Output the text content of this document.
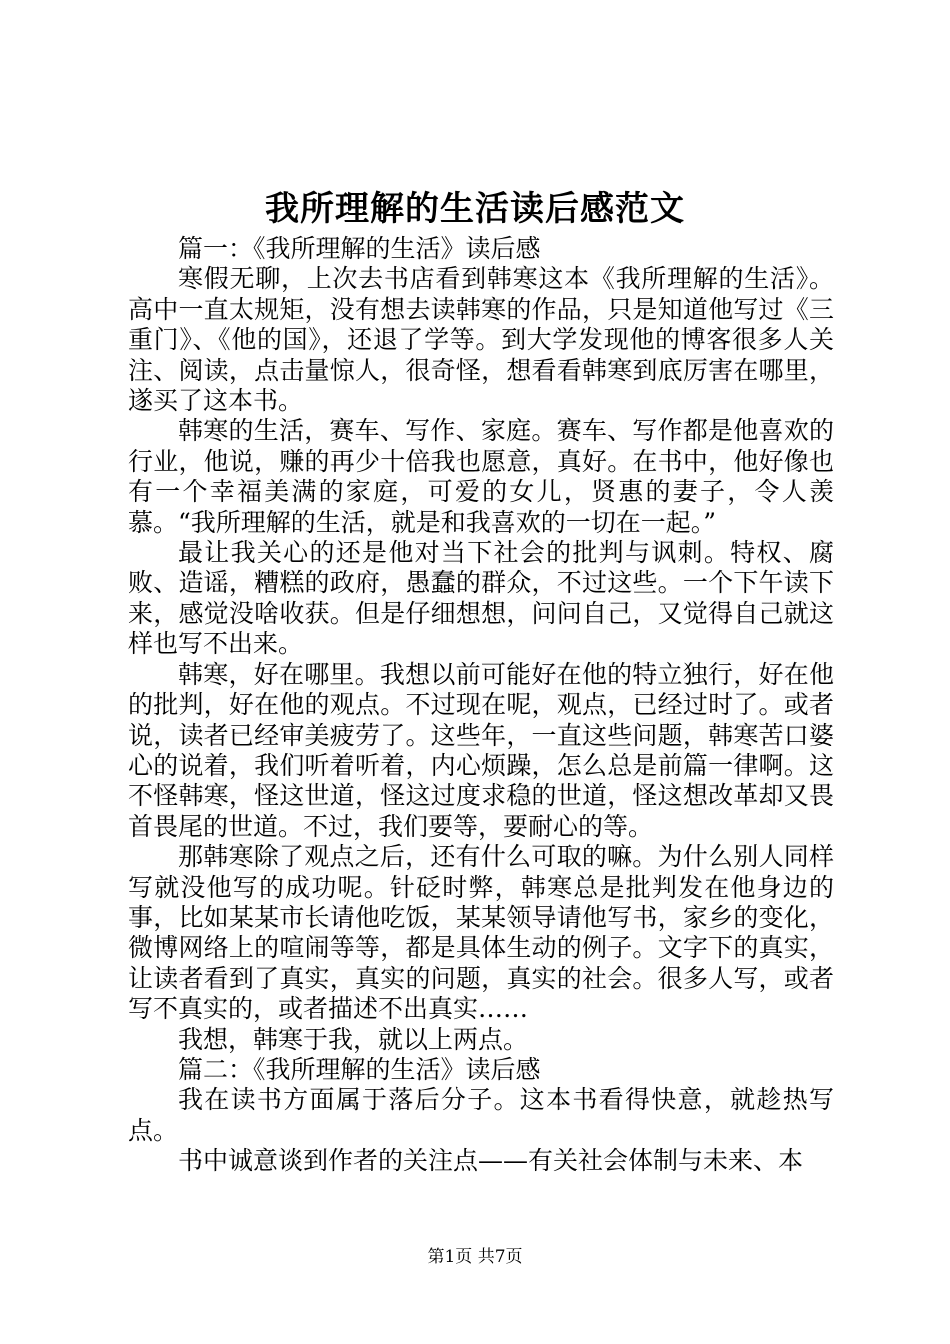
我所理解的生活读后感范文

篇一：《我所理解的生活》读后感

寒假无聊，上次去书店看到韩寒这本《我所理解的生活》。高中一直太规矩，没有想去读韩寒的作品，只是知道他写过《三重门》、《他的国》，还退了学等。到大学发现他的博客很多人关注、阅读，点击量惊人，很奇怪，想看看韩寒到底厉害在哪里，遂买了这本书。

韩寒的生活，赛车、写作、家庭。赛车、写作都是他喜欢的行业，他说，赚的再少十倍我也愿意，真好。在书中，他好像也有一个幸福美满的家庭，可爱的女儿，贤惠的妻子，令人羡慕。“我所理解的生活，就是和我喜欢的一切在一起。”

最让我关心的还是他对当下社会的批判与讽刺。特权、腐败、造谣，糟糕的政府，愚蠢的群众，不过这些。一个下午读下来，感觉没啥收获。但是仔细想想，问问自己，又觉得自己就这样也写不出来。

韩寒，好在哪里。我想以前可能好在他的特立独行，好在他的批判，好在他的观点。不过现在呢，观点，已经过时了。或者说，读者已经审美疲劳了。这些年，一直这些问题，韩寒苦口婆心的说着，我们听着听着，内心烦躁，怎么总是前篇一律啊。这不怪韩寒，怪这世道，怪这过度求稳的世道，怪这想改革却又畏首畏尾的世道。不过，我们要等，要耐心的等。

那韩寒除了观点之后，还有什么可取的嘛。为什么别人同样写就没他写的成功呢。针砭时弊，韩寒总是批判发在他身边的事，比如某某市长请他吃饭，某某领导请他写书，家乡的变化，微博网络上的喧闹等等，都是具体生动的例子。文字下的真实，让读者看到了真实，真实的问题，真实的社会。很多人写，或者写不真实的，或者描述不出真实……

我想，韩寒于我，就以上两点。

篇二：《我所理解的生活》读后感

我在读书方面属于落后分子。这本书看得快意，就趁热写点。

书中诚意谈到作者的关注点——有关社会体制与未来、本

第1页 共7页
